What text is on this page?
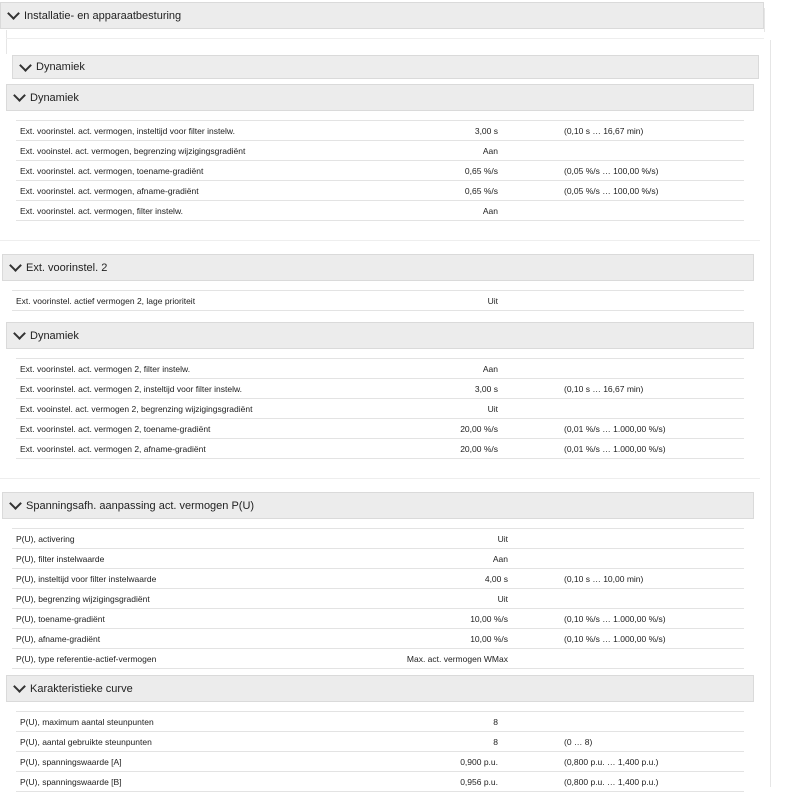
Installatie- en apparaatbesturing
Dynamiek
Dynamiek
Ext. voorinstel. act. vermogen, insteltijd voor filter instelw.	3,00 s	(0,10 s … 16,67 min)
Ext. vooinstel. act. vermogen, begrenzing wijzigingsgradiënt	Aan
Ext. voorinstel. act. vermogen, toename-gradiënt	0,65 %/s	(0,05 %/s … 100,00 %/s)
Ext. voorinstel. act. vermogen, afname-gradiënt	0,65 %/s	(0,05 %/s … 100,00 %/s)
Ext. voorinstel. act. vermogen, filter instelw.	Aan
Ext. voorinstel. 2
Ext. voorinstel. actief vermogen 2, lage prioriteit	Uit
Dynamiek
Ext. voorinstel. act. vermogen 2, filter instelw.	Aan
Ext. voorinstel. act. vermogen 2, insteltijd voor filter instelw.	3,00 s	(0,10 s … 16,67 min)
Ext. vooinstel. act. vermogen 2, begrenzing wijzigingsgradiënt	Uit
Ext. voorinstel. act. vermogen 2, toename-gradiënt	20,00 %/s	(0,01 %/s … 1.000,00 %/s)
Ext. voorinstel. act. vermogen 2, afname-gradiënt	20,00 %/s	(0,01 %/s … 1.000,00 %/s)
Spanningsafh. aanpassing act. vermogen P(U)
P(U), activering	Uit
P(U), filter instelwaarde	Aan
P(U), insteltijd voor filter instelwaarde	4,00 s	(0,10 s … 10,00 min)
P(U), begrenzing wijzigingsgradiënt	Uit
P(U), toename-gradiënt	10,00 %/s	(0,10 %/s … 1.000,00 %/s)
P(U), afname-gradiënt	10,00 %/s	(0,10 %/s … 1.000,00 %/s)
P(U), type referentie-actief-vermogen	Max. act. vermogen WMax
Karakteristieke curve
P(U), maximum aantal steunpunten	8
P(U), aantal gebruikte steunpunten	8	(0 … 8)
P(U), spanningswaarde [A]	0,900 p.u.	(0,800 p.u. … 1,400 p.u.)
P(U), spanningswaarde [B]	0,956 p.u.	(0,800 p.u. … 1,400 p.u.)
